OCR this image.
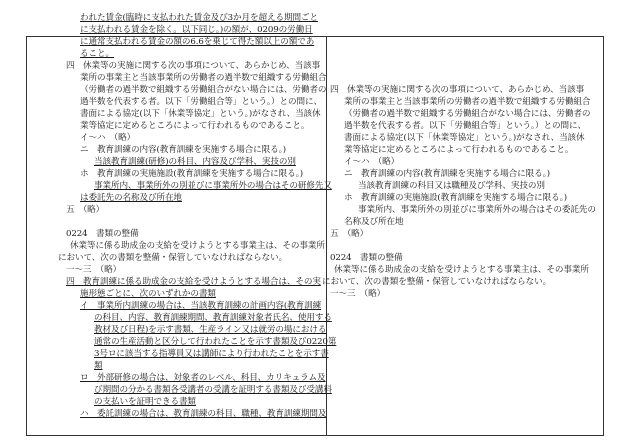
われた賃金(臨時に支払われた賃金及び3か月を超える期間ごと
に支払われる賃金を除く。以下同じ。)の額が、0209の労働日
に通常支払われる賃金の額の6.6を乗じて得た額以上の額であ
ること。
四　休業等の実施に関する次の事項について、あらかじめ、当該事
業所の事業主と当該事業所の労働者の過半数で組織する労働組合
（労働者の過半数で組織する労働組合がない場合には、労働者の
過半数を代表する者。以下「労働組合等」という。）との間に、
書面による協定(以下「休業等協定」という。)がなされ、当該休
業等協定に定めるところによって行われるものであること。
イ～ハ　（略）
ニ　教育訓練の内容(教育訓練を実施する場合に限る。)
当該教育訓練(研修)の科目、内容及び学科、実技の別
ホ　教育訓練の実施施設(教育訓練を実施する場合に限る。)
事業所内、事業所外の別並びに事業所外の場合はその研修先又
は委託先の名称及び所在地
五　（略）
0224　書類の整備
休業等に係る助成金の支給を受けようとする事業主は、その事業所
において、次の書類を整備・保管していなければならない。
一～三　（略）
四　教育訓練に係る助成金の支給を受けようとする場合は、その実
施形態ごとに、次のいずれかの書類
イ　事業所内訓練の場合は、当該教育訓練の計画内容(教育訓練
の科目、内容、教育訓練期間、教育訓練対象者氏名、使用する
教材及び日程)を示す書類、生産ライン又は就労の場における
通常の生産活動と区分して行われたことを示す書類及び0220第
3号ロに該当する指導員又は講師により行われたことを示す書
類
ロ　外部研修の場合は、対象者のレベル、科目、カリキュラム及
び期間の分かる書類各受講者の受講を証明する書類及び受講料
の支払いを証明できる書類
ハ　委託訓練の場合は、教育訓練の科目、職種、教育訓練期間及
四　休業等の実施に関する次の事項について、あらかじめ、当該事
業所の事業主と当該事業所の労働者の過半数で組織する労働組合
（労働者の過半数で組織する労働組合がない場合には、労働者の
過半数を代表する者。以下「労働組合等」という。）との間に、
書面による協定(以下「休業等協定」という。)がなされ、当該休
業等協定に定めるところによって行われるものであること。
イ～ハ　（略）
ニ　教育訓練の内容(教育訓練を実施する場合に限る。)
当該教育訓練の科目又は職種及び学科、実技の別
ホ　教育訓練の実施施設(教育訓練を実施する場合に限る。)
事業所内、事業所外の別並びに事業所外の場合はその委託先の
名称及び所在地
五　（略）
0224　書類の整備
休業等に係る助成金の支給を受けようとする事業主は、その事業所
において、次の書類を整備・保管していなければならない。
一～三　（略）
